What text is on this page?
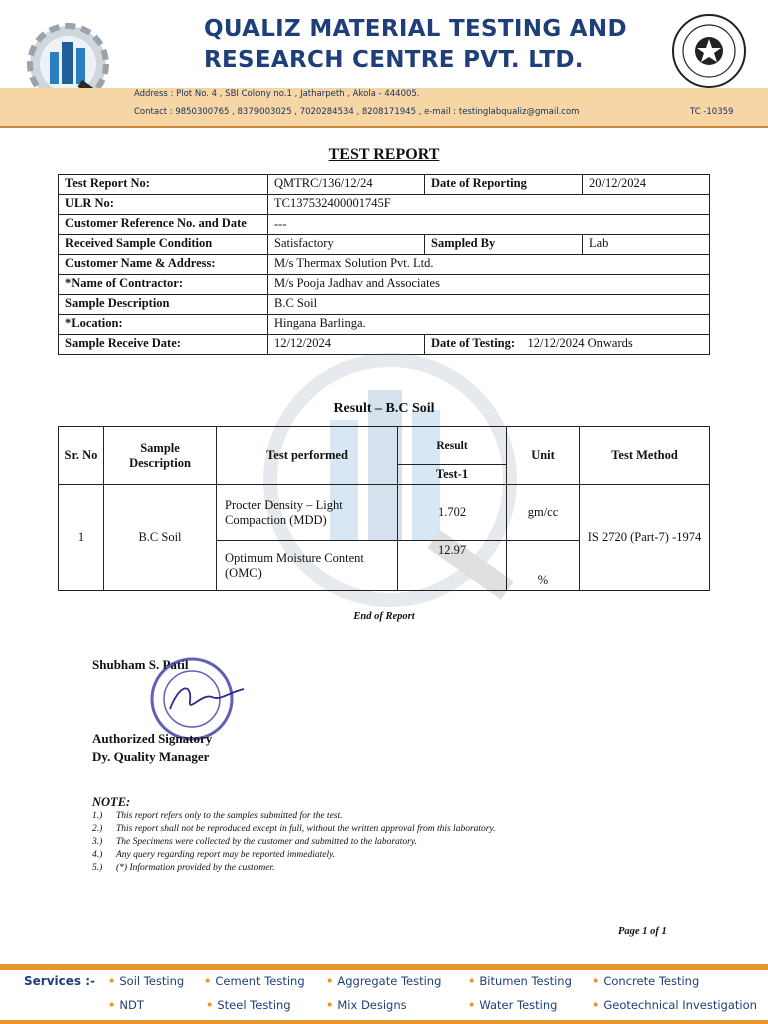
QUALIZ MATERIAL TESTING AND
RESEARCH CENTRE PVT. LTD.
Address : Plot No. 4 , SBI Colony no.1 , Jatharpeth , Akola - 444005.
Contact : 9850300765 , 8379003025 , 7020284534 , 8208171945 , e-mail : testinglabqualiz@gmail.com	TC -10359
TEST REPORT
Test Report No:	QMTRC/136/12/24	Date of Reporting	20/12/2024
ULR No:	TC137532400001745F		
Customer Reference No. and Date	---		
Received Sample Condition	Satisfactory	Sampled By	Lab
Customer Name & Address:	M/s Thermax Solution Pvt. Ltd.		
*Name of Contractor:	M/s Pooja Jadhav and Associates		
Sample Description	B.C Soil		
*Location:	Hingana Barlinga.		
Sample Receive Date:	12/12/2024	Date of Testing: 12/12/2024 Onwards	
Result – B.C Soil
Sr. No	Sample Description	Test performed	Result	Unit	Test Method
			Test-1		
1	B.C Soil	Procter Density – Light Compaction (MDD)	1.702	gm/cc	IS 2720 (Part-7) -1974
		Optimum Moisture Content (OMC)	12.97	%	
End of Report
Shubham S. Patil
Authorized Signatory
Dy. Quality Manager
NOTE:
1.) This report refers only to the samples submitted for the test.
2.) This report shall not be reproduced except in full, without the written approval from this laboratory.
3.) The Specimens were collected by the customer and submitted to the laboratory.
4.) Any query regarding report may be reported immediately.
5.) (*) Information provided by the customer.
Page 1 of 1
Services :-	• Soil Testing	• Cement Testing	• Aggregate Testing	• Bitumen Testing	• Concrete Testing
• NDT	• Steel Testing	• Mix Designs	• Water Testing	• Geotechnical Investigation
